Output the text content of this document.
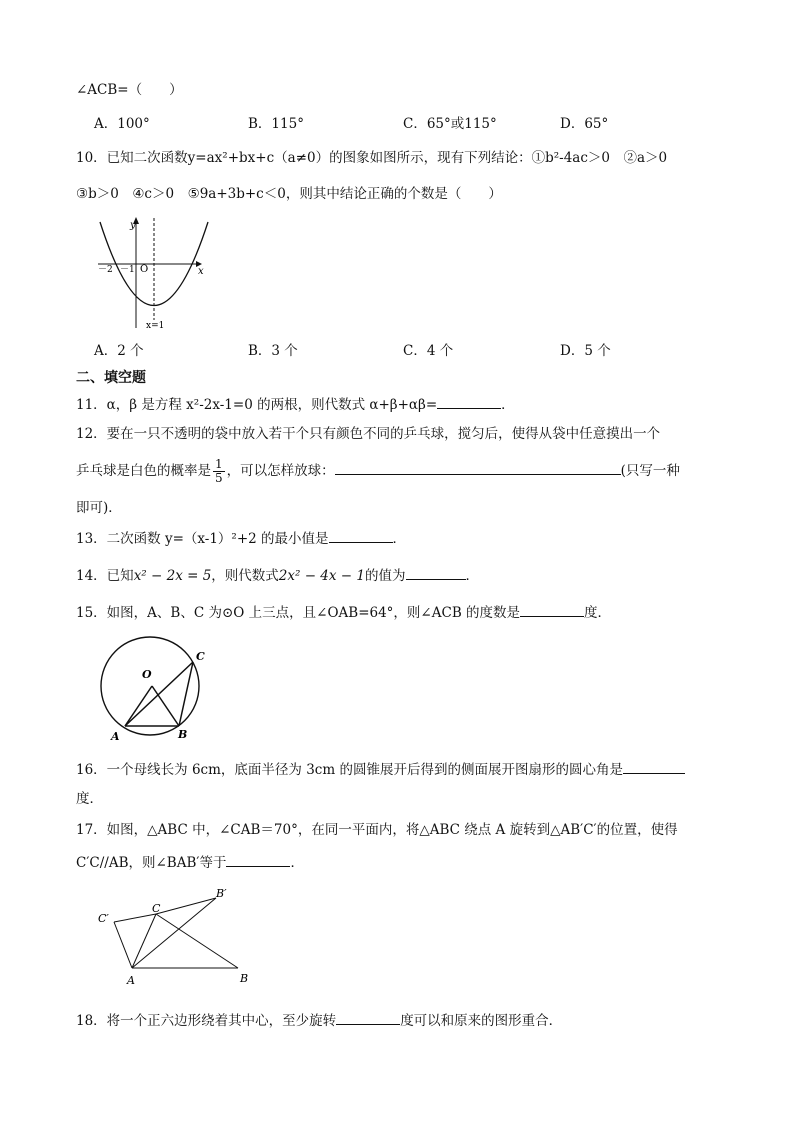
∠ACB=（　　）
A．100°	B．115°	C．65°或115°	D．65°
10．已知二次函数y=ax²+bx+c（a≠0）的图象如图所示，现有下列结论：①b²-4ac＞0　②a＞0
③b＞0　④c＞0　⑤9a+3b+c＜0，则其中结论正确的个数是（　　）
y
x
O
－2 －1
x=1
A．2 个	B．3 个	C．4 个	D．5 个
二、填空题
11．α，β 是方程 x²-2x-1=0 的两根，则代数式 α+β+αβ=	．
12．要在一只不透明的袋中放入若干个只有颜色不同的乒乓球，搅匀后，使得从袋中任意摸出一个
乒乓球是白色的概率是 $\frac{1}{5}$ ，可以怎样放球：	(只写一种
即可)．
13．二次函数 y=（x-1）²+2 的最小值是	．
14．已知x² − 2x = 5，则代数式2x² − 4x − 1的值为	．
15．如图，A、B、C 为⊙O 上三点，且∠OAB=64°，则∠ACB 的度数是	度．
O
A	B
C
16．一个母线长为 6cm，底面半径为 3cm 的圆锥展开后得到的侧面展开图扇形的圆心角是
度．
17．如图，△ABC 中，∠CAB＝70°，在同一平面内，将△ABC 绕点 A 旋转到△AB′C′的位置，使得
C′C//AB，则∠BAB′等于	．
C′
C
B′
A	B
18．将一个正六边形绕着其中心，至少旋转	度可以和原来的图形重合．
